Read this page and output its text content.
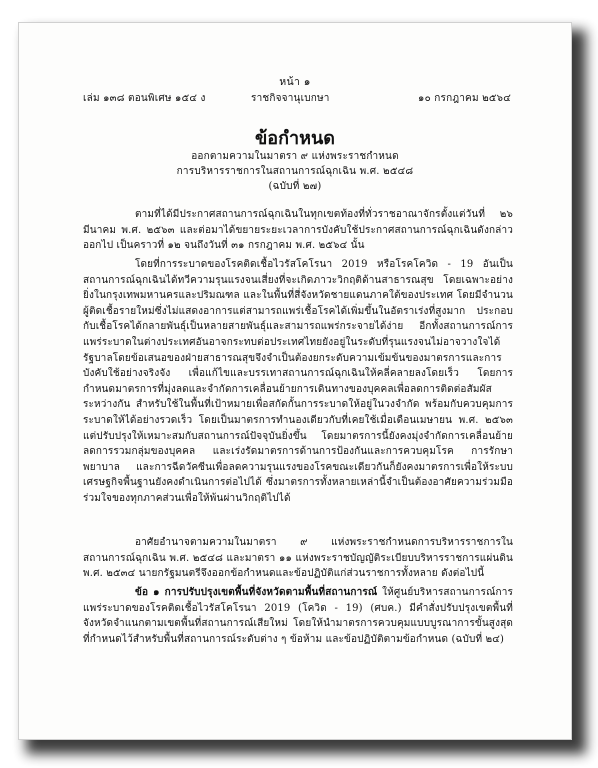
หน้า ๑
เล่ม ๑๓๘ ตอนพิเศษ ๑๕๔ ง	ราชกิจจานุเบกษา	๑๐ กรกฎาคม ๒๕๖๔
ข้อกำหนด
ออกตามความในมาตรา ๙ แห่งพระราชกำหนด
การบริหารราชการในสถานการณ์ฉุกเฉิน พ.ศ. ๒๕๔๘
(ฉบับที่ ๒๗)

ตามที่ได้มีประกาศสถานการณ์ฉุกเฉินในทุกเขตท้องที่ทั่วราชอาณาจักรตั้งแต่วันที่ ๒๖ มีนาคม พ.ศ. ๒๕๖๓ และต่อมาได้ขยายระยะเวลาการบังคับใช้ประกาศสถานการณ์ฉุกเฉินดังกล่าวออกไป เป็นคราวที่ ๑๒ จนถึงวันที่ ๓๑ กรกฎาคม พ.ศ. ๒๕๖๔ นั้น

โดยที่การระบาดของโรคติดเชื้อไวรัสโคโรนา 2019 หรือโรคโควิด - 19 อันเป็นสถานการณ์ฉุกเฉินได้ทวีความรุนแรงจนเสี่ยงที่จะเกิดภาวะวิกฤติด้านสาธารณสุข โดยเฉพาะอย่างยิ่งในกรุงเทพมหานครและปริมณฑล และในพื้นที่สี่จังหวัดชายแดนภาคใต้ของประเทศ โดยมีจำนวนผู้ติดเชื้อรายใหม่ซึ่งไม่แสดงอาการแต่สามารถแพร่เชื้อโรคได้เพิ่มขึ้นในอัตราเร่งที่สูงมาก ประกอบกับเชื้อโรคได้กลายพันธุ์เป็นหลายสายพันธุ์และสามารถแพร่กระจายได้ง่าย อีกทั้งสถานการณ์การแพร่ระบาดในต่างประเทศอันอาจกระทบต่อประเทศไทยยังอยู่ในระดับที่รุนแรงจนไม่อาจวางใจได้ รัฐบาลโดยข้อเสนอของฝ่ายสาธารณสุขจึงจำเป็นต้องยกระดับความเข้มข้นของมาตรการและการบังคับใช้อย่างจริงจัง เพื่อแก้ไขและบรรเทาสถานการณ์ฉุกเฉินให้คลี่คลายลงโดยเร็ว โดยการกำหนดมาตรการที่มุ่งลดและจำกัดการเคลื่อนย้ายการเดินทางของบุคคลเพื่อลดการติดต่อสัมผัสระหว่างกัน สำหรับใช้ในพื้นที่เป้าหมายเพื่อสกัดกั้นการระบาดให้อยู่ในวงจำกัด พร้อมกับควบคุมการระบาดให้ได้อย่างรวดเร็ว โดยเป็นมาตรการทำนองเดียวกับที่เคยใช้เมื่อเดือนเมษายน พ.ศ. ๒๕๖๓ แต่ปรับปรุงให้เหมาะสมกับสถานการณ์ปัจจุบันยิ่งขึ้น โดยมาตรการนี้ยังคงมุ่งจำกัดการเคลื่อนย้าย ลดการรวมกลุ่มของบุคคล และเร่งรัดมาตรการด้านการป้องกันและการควบคุมโรค การรักษาพยาบาล และการฉีดวัคซีนเพื่อลดความรุนแรงของโรคขณะเดียวกันก็ยังคงมาตรการเพื่อให้ระบบเศรษฐกิจพื้นฐานยังคงดำเนินการต่อไปได้ ซึ่งมาตรการทั้งหลายเหล่านี้จำเป็นต้องอาศัยความร่วมมือร่วมใจของทุกภาคส่วนเพื่อให้พ้นผ่านวิกฤติไปได้

อาศัยอำนาจตามความในมาตรา ๙ แห่งพระราชกำหนดการบริหารราชการในสถานการณ์ฉุกเฉิน พ.ศ. ๒๕๔๘ และมาตรา ๑๑ แห่งพระราชบัญญัติระเบียบบริหารราชการแผ่นดิน พ.ศ. ๒๕๓๔ นายกรัฐมนตรีจึงออกข้อกำหนดและข้อปฏิบัติแก่ส่วนราชการทั้งหลาย ดังต่อไปนี้

ข้อ ๑ การปรับปรุงเขตพื้นที่จังหวัดตามพื้นที่สถานการณ์ ให้ศูนย์บริหารสถานการณ์การแพร่ระบาดของโรคติดเชื้อไวรัสโคโรนา 2019 (โควิด - 19) (ศบค.) มีคำสั่งปรับปรุงเขตพื้นที่จังหวัดจำแนกตามเขตพื้นที่สถานการณ์เสียใหม่ โดยให้นำมาตรการควบคุมแบบบูรณาการขั้นสูงสุดที่กำหนดไว้สำหรับพื้นที่สถานการณ์ระดับต่าง ๆ ข้อห้าม และข้อปฏิบัติตามข้อกำหนด (ฉบับที่ ๒๔)
